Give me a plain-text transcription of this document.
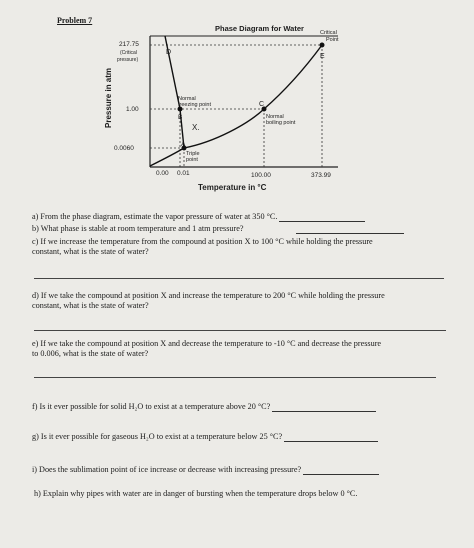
Problem 7
Phase Diagram for Water
Pressure in atm
217.75
(Critical
pressure)
1.00
0.0060
0.00 0.01	100.00	373.99
Temperature in °C
D
E
C
B
A
X.
Critical
Point
Normal
freezing point
Normal
boiling point
Triple
point
a) From the phase diagram, estimate the vapor pressure of water at 350 °C.
b) What phase is stable at room temperature and 1 atm pressure?
c) If we increase the temperature from the compound at position X to 100 °C while holding the pressure
constant, what is the state of water?
d) If we take the compound at position X and increase the temperature to 200 °C while holding the pressure
constant, what is the state of water?
e) If we take the compound at position X and decrease the temperature to -10 °C and decrease the pressure
to 0.006, what is the state of water?
f) Is it ever possible for solid H₂O to exist at a temperature above 20 °C?
g) Is it ever possible for gaseous H₂O to exist at a temperature below 25 °C?
i) Does the sublimation point of ice increase or decrease with increasing pressure?
h) Explain why pipes with water are in danger of bursting when the temperature drops below 0 °C.
